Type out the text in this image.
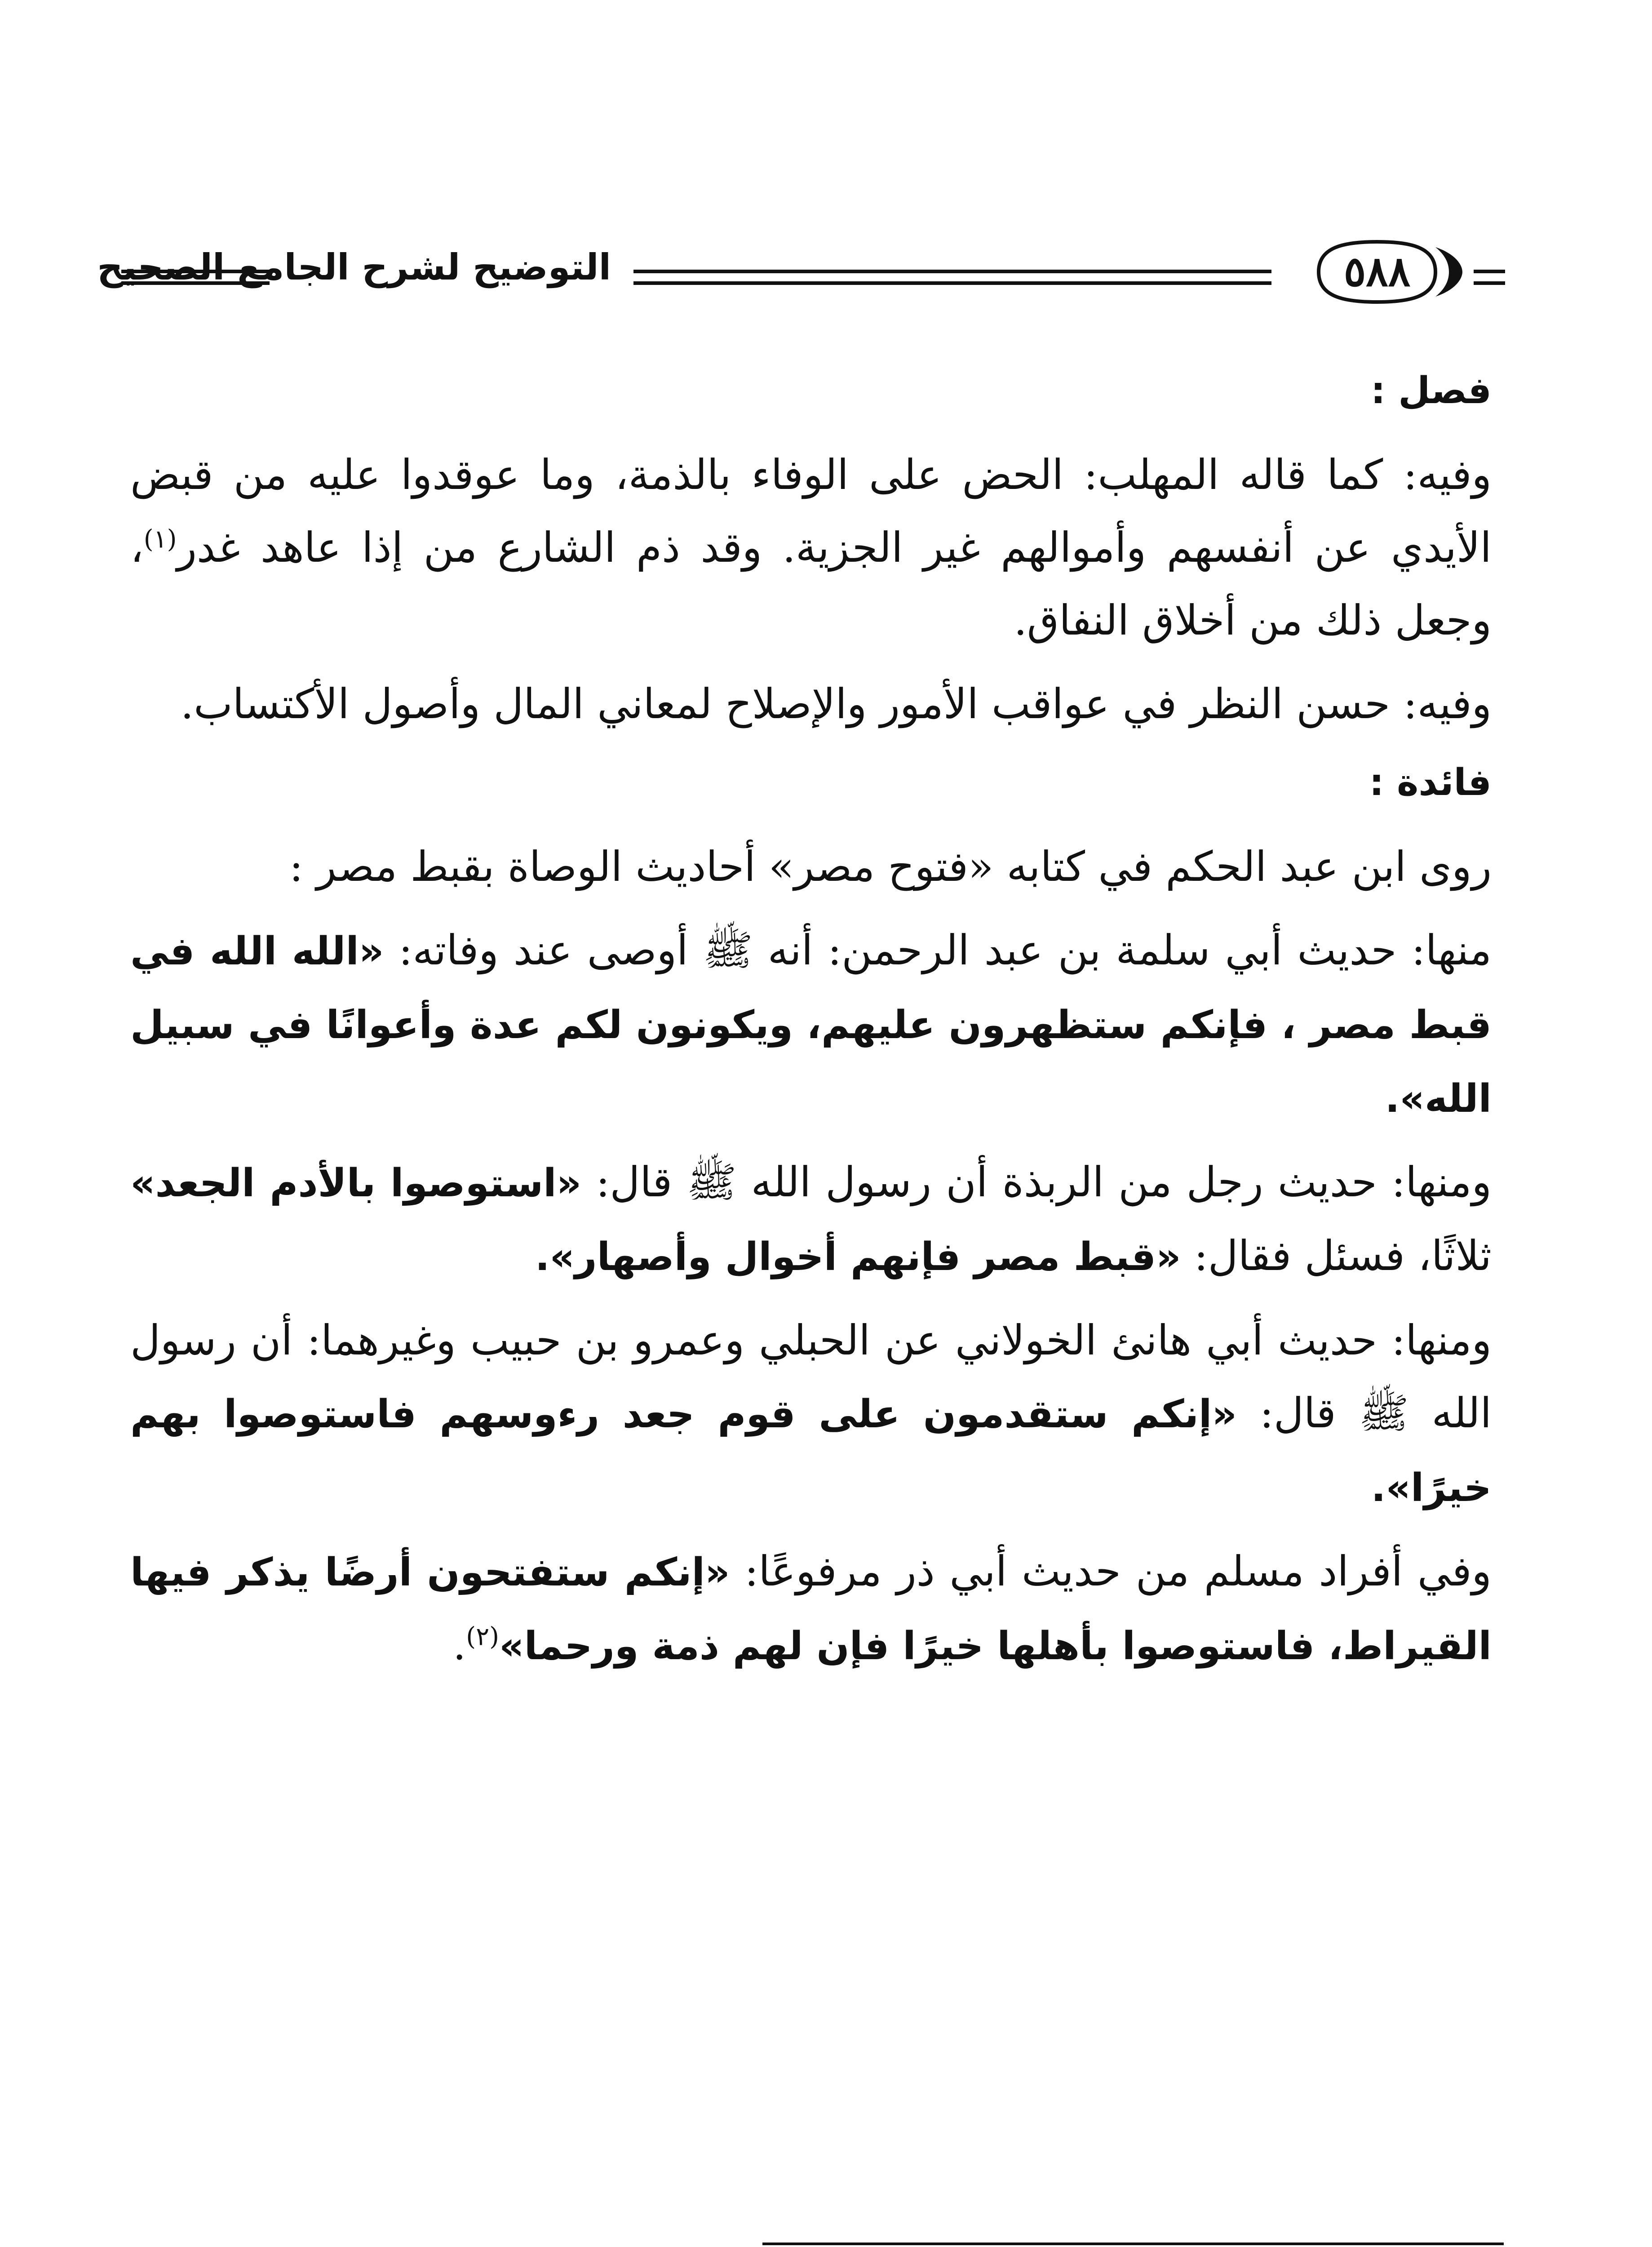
٥٨٨
التوضيح لشرح الجامع الصحيح
فصل :

وفيه: كما قاله المهلب: الحض على الوفاء بالذمة، وما عوقدوا عليه من قبض الأيدي عن أنفسهم وأموالهم غير الجزية. وقد ذم الشارع من إذا عاهد غدر$^{(١)}$، وجعل ذلك من أخلاق النفاق.

وفيه: حسن النظر في عواقب الأمور والإصلاح لمعاني المال وأصول الأكتساب.

فائدة :

روى ابن عبد الحكم في كتابه «فتوح مصر» أحاديث الوصاة بقبط مصر :

منها: حديث أبي سلمة بن عبد الرحمن: أنه ﷺ أوصى عند وفاته: «الله الله في قبط مصر ، فإنكم ستظهرون عليهم، ويكونون لكم عدة وأعوانًا في سبيل الله».

ومنها: حديث رجل من الربذة أن رسول الله ﷺ قال: «استوصوا بالأدم الجعد» ثلاثًا، فسئل فقال: «قبط مصر فإنهم أخوال وأصهار».

ومنها: حديث أبي هانئ الخولاني عن الحبلي وعمرو بن حبيب وغيرهما: أن رسول الله ﷺ قال: «إنكم ستقدمون على قوم جعد رءوسهم فاستوصوا بهم خيرًا».

وفي أفراد مسلم من حديث أبي ذر مرفوعًا: «إنكم ستفتحون أرضًا يذكر فيها القيراط، فاستوصوا بأهلها خيرًا فإن لهم ذمة ورحما»$^{(٢)}$.
